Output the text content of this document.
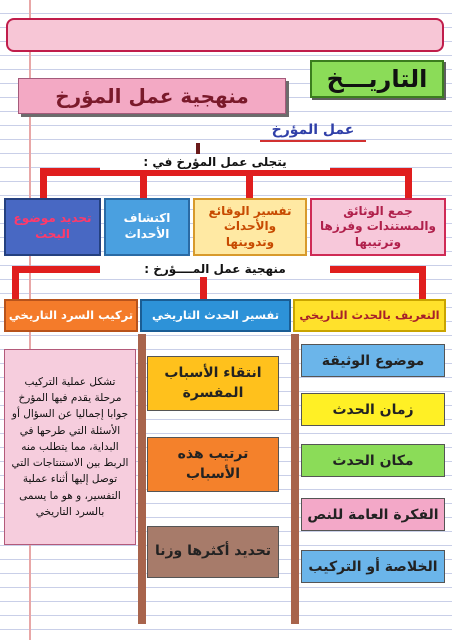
التاريـــخ
منهجية عمل المؤرخ
عمل المؤرخ
يتجلى عمل المؤرخ في :
جمع الوثائق والمستندات وفرزها وترتيبها
تفسير الوقائع والأحداث وتدوينها
اكتشاف الأحداث
تحديد موضوع البحث
منهجية عمل المــــؤرخ :
التعريف بالحدث التاريخي
تفسير الحدث التاريخي
تركيب السرد التاريخي
تشكل عملية التركيب مرحلة يقدم فيها المؤرخ جوابا إجماليا عن السؤال أو الأسئلة التي طرحها في البداية، مما يتطلب منه الربط بين الاستنتاجات التي توصل إليها أثناء عملية التفسير، و هو ما يسمى بالسرد التاريخي
انتقاء الأسباب المفسرة
ترتيب هذه الأسباب
تحديد أكثرها وزنا
موضوع الوثيقة
زمان الحدث
مكان الحدث
الفكرة العامة للنص
الخلاصة أو التركيب
